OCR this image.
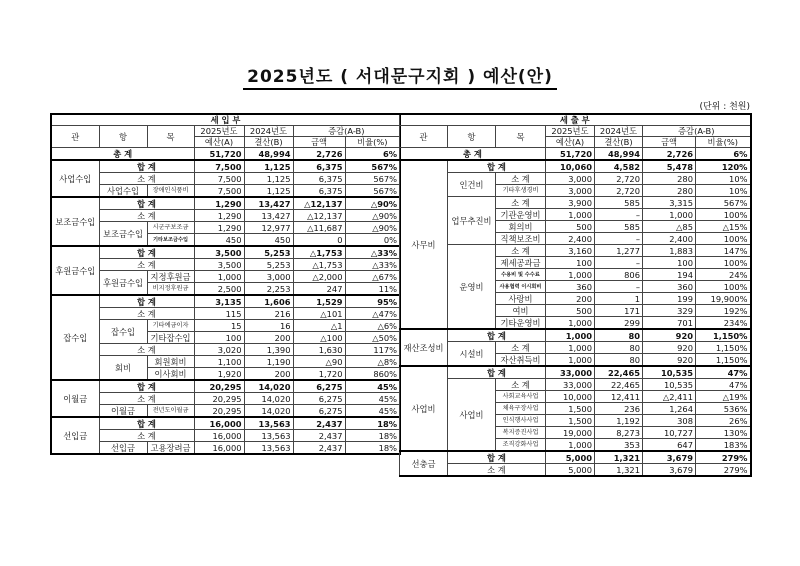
2025년도 ( 서대문구지회 ) 예산(안)
(단위 : 천원)
세 입 부						
관	항	목	2025년도	2024년도	증감(A-B)	
			예산(A)	결산(B)	금액	비율(%)
총 계			51,720	48,994	2,726	6%
사업수입	합 계		7,500	1,125	6,375	567%
	소 계		7,500	1,125	6,375	567%
	사업수입	장애인식품비	7,500	1,125	6,375	567%
보조금수입	합 계		1,290	13,427	△12,137	△90%
	소 계		1,290	13,427	△12,137	△90%
	보조금수입	시군구보조금	1,290	12,977	△11,687	△90%
		기타보조금수입	450	450	0	0%
후원금수입	합 계		3,500	5,253	△1,753	△33%
	소 계		3,500	5,253	△1,753	△33%
	후원금수입	지정후원금	1,000	3,000	△2,000	△67%
		비지정후원금	2,500	2,253	247	11%
잡수입	합 계		3,135	1,606	1,529	95%
	소 계		115	216	△101	△47%
	잡수입	기타예금이자	15	16	△1	△6%
		기타잡수입	100	200	△100	△50%
	소 계		3,020	1,390	1,630	117%
	회비	회원회비	1,100	1,190	△90	△8%
		이사회비	1,920	200	1,720	860%
이월금	합 계		20,295	14,020	6,275	45%
	소 계		20,295	14,020	6,275	45%
	이월금	전년도이월금	20,295	14,020	6,275	45%
선입금	합 계		16,000	13,563	2,437	18%
	소 계		16,000	13,563	2,437	18%
	선입금	고용장려금	16,000	13,563	2,437	18%
세 출 부						
관	항	목	2025년도	2024년도	증감(A-B)	
			예산(A)	결산(B)	금액	비율(%)
총 계			51,720	48,994	2,726	6%
사무비	합 계		10,060	4,582	5,478	120%
	인건비	소 계	3,000	2,720	280	10%
		기타후생경비	3,000	2,720	280	10%
	업무추진비	소 계	3,900	585	3,315	567%
		기관운영비	1,000	–	1,000	100%
		회의비	500	585	△85	△15%
		직책보조비	2,400	–	2,400	100%
	운영비	소 계	3,160	1,277	1,883	147%
		제세공과금	100	–	100	100%
		수용비 및 수수료	1,000	806	194	24%
		사용협력 이시회비	360	–	360	100%
		사랑비	200	1	199	19,900%
		여비	500	171	329	192%
		기타운영비	1,000	299	701	234%
재산조성비	합 계		1,000	80	920	1,150%
	시설비	소 계	1,000	80	920	1,150%
		자산취득비	1,000	80	920	1,150%
사업비	합 계		33,000	22,465	10,535	47%
	사업비	소 계	33,000	22,465	10,535	47%
		사회교육사업	10,000	12,411	△2,411	△19%
		체육구장사업	1,500	236	1,264	536%
		인식행사사업	1,500	1,192	308	26%
		복지증진사업	19,000	8,273	10,727	130%
		조직강화사업	1,000	353	647	183%
선충금	합 계		5,000	1,321	3,679	279%
	소 계		5,000	1,321	3,679	279%
